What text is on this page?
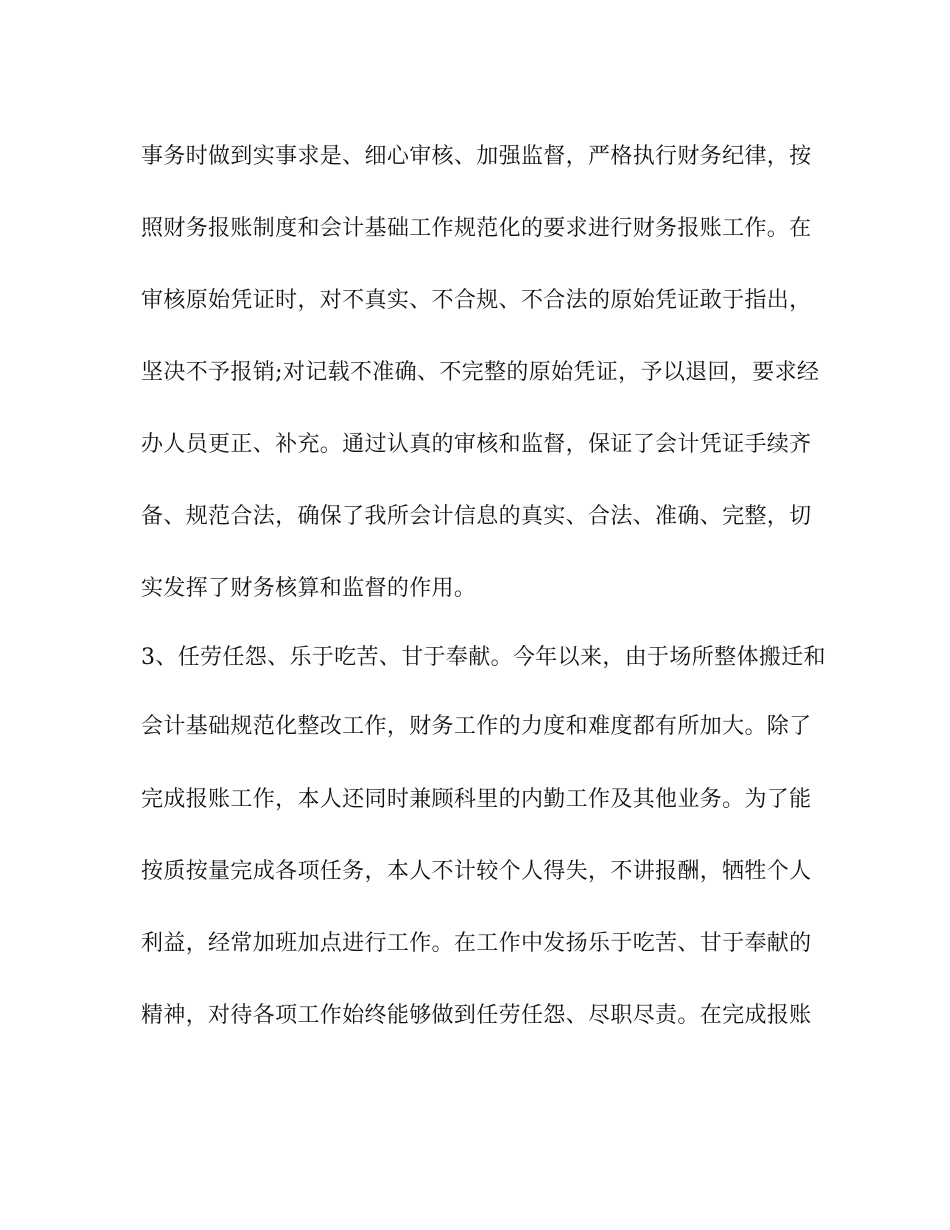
事务时做到实事求是、细心审核、加强监督，严格执行财务纪律，按
照财务报账制度和会计基础工作规范化的要求进行财务报账工作。在
审核原始凭证时，对不真实、不合规、不合法的原始凭证敢于指出，
坚决不予报销;对记载不准确、不完整的原始凭证，予以退回，要求经
办人员更正、补充。通过认真的审核和监督，保证了会计凭证手续齐
备、规范合法，确保了我所会计信息的真实、合法、准确、完整，切
实发挥了财务核算和监督的作用。
3、任劳任怨、乐于吃苦、甘于奉献。今年以来，由于场所整体搬迁和
会计基础规范化整改工作，财务工作的力度和难度都有所加大。除了
完成报账工作，本人还同时兼顾科里的内勤工作及其他业务。为了能
按质按量完成各项任务，本人不计较个人得失，不讲报酬，牺牲个人
利益，经常加班加点进行工作。在工作中发扬乐于吃苦、甘于奉献的
精神，对待各项工作始终能够做到任劳任怨、尽职尽责。在完成报账
